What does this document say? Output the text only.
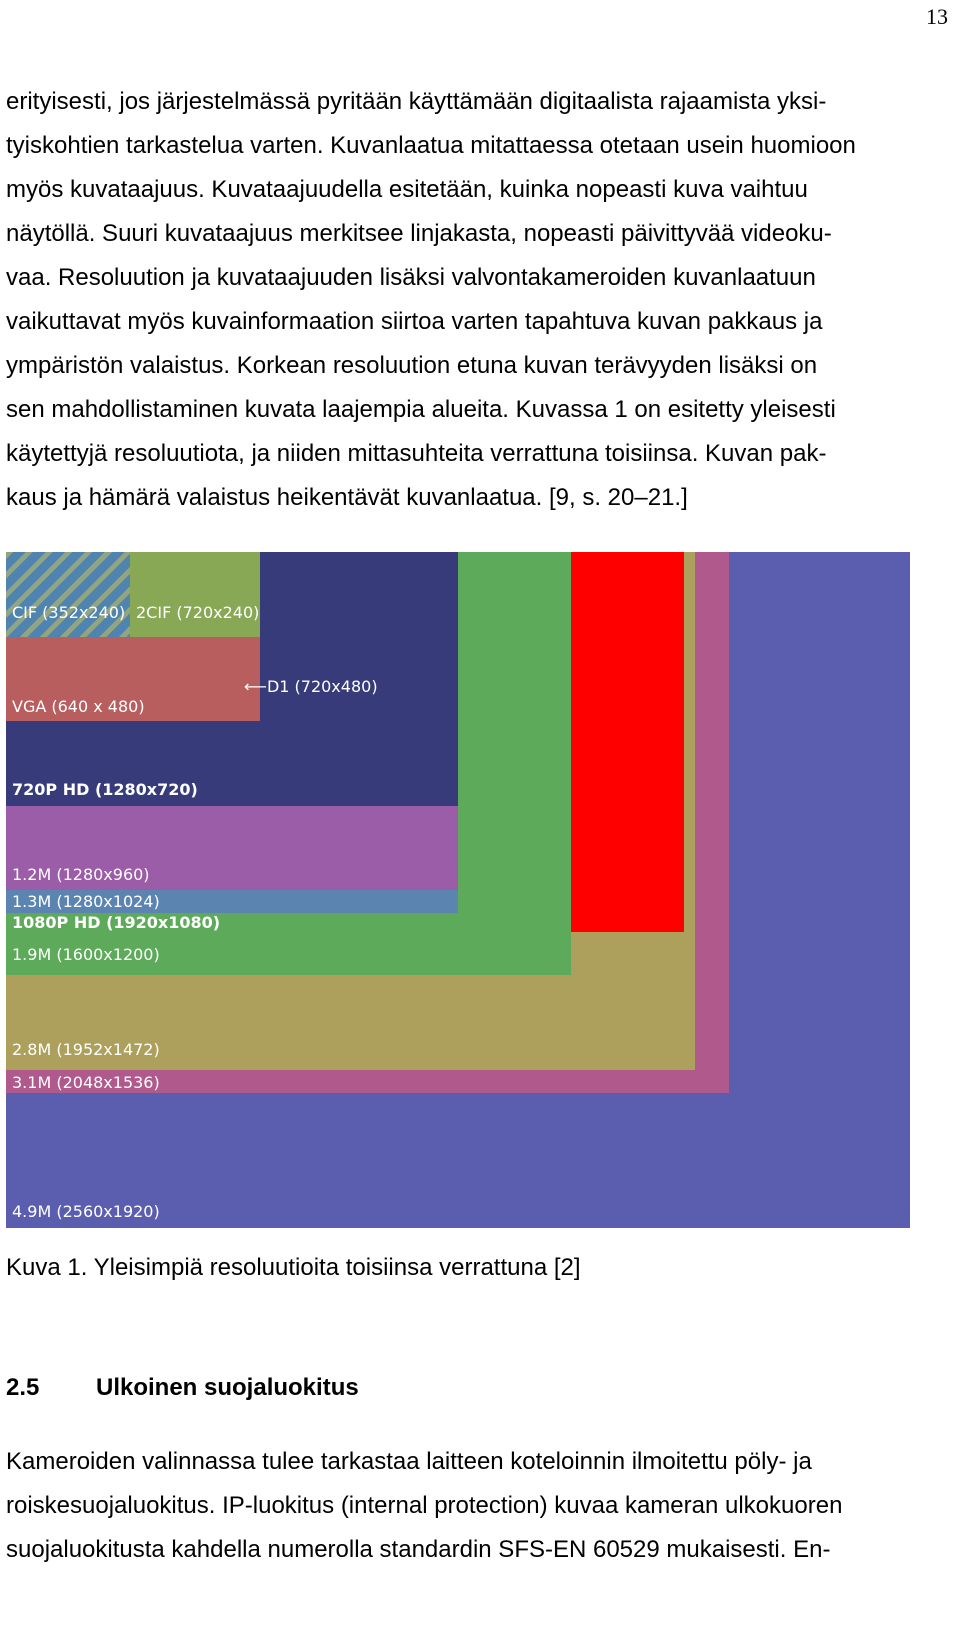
13

erityisesti, jos järjestelmässä pyritään käyttämään digitaalista rajaamista yksi-
tyiskohtien tarkastelua varten. Kuvanlaatua mitattaessa otetaan usein huomioon
myös kuvataajuus. Kuvataajuudella esitetään, kuinka nopeasti kuva vaihtuu
näytöllä. Suuri kuvataajuus merkitsee linjakasta, nopeasti päivittyvää videoku-
vaa. Resoluution ja kuvataajuuden lisäksi valvontakameroiden kuvanlaatuun
vaikuttavat myös kuvainformaation siirtoa varten tapahtuva kuvan pakkaus ja
ympäristön valaistus. Korkean resoluution etuna kuvan terävyyden lisäksi on
sen mahdollistaminen kuvata laajempia alueita. Kuvassa 1 on esitetty yleisesti
käytettyjä resoluutiota, ja niiden mittasuhteita verrattuna toisiinsa. Kuvan pak-
kaus ja hämärä valaistus heikentävät kuvanlaatua. [9, s. 20–21.]

4.9M (2560x1920)
3.1M (2048x1536)
2.8M (1952x1472)
1080P HD (1920x1080)
1.9M (1600x1200)
1.3M (1280x1024)
1.2M (1280x960)
720P HD (1280x720)
VGA (640 x 480)
⟵D1 (720x480)
2CIF (720x240)
CIF (352x240)

Kuva 1. Yleisimpiä resoluutioita toisiinsa verrattuna [2]

2.5 Ulkoinen suojaluokitus

Kameroiden valinnassa tulee tarkastaa laitteen koteloinnin ilmoitettu pöly- ja
roiskesuojaluokitus. IP-luokitus (internal protection) kuvaa kameran ulkokuoren
suojaluokitusta kahdella numerolla standardin SFS-EN 60529 mukaisesti. En-
